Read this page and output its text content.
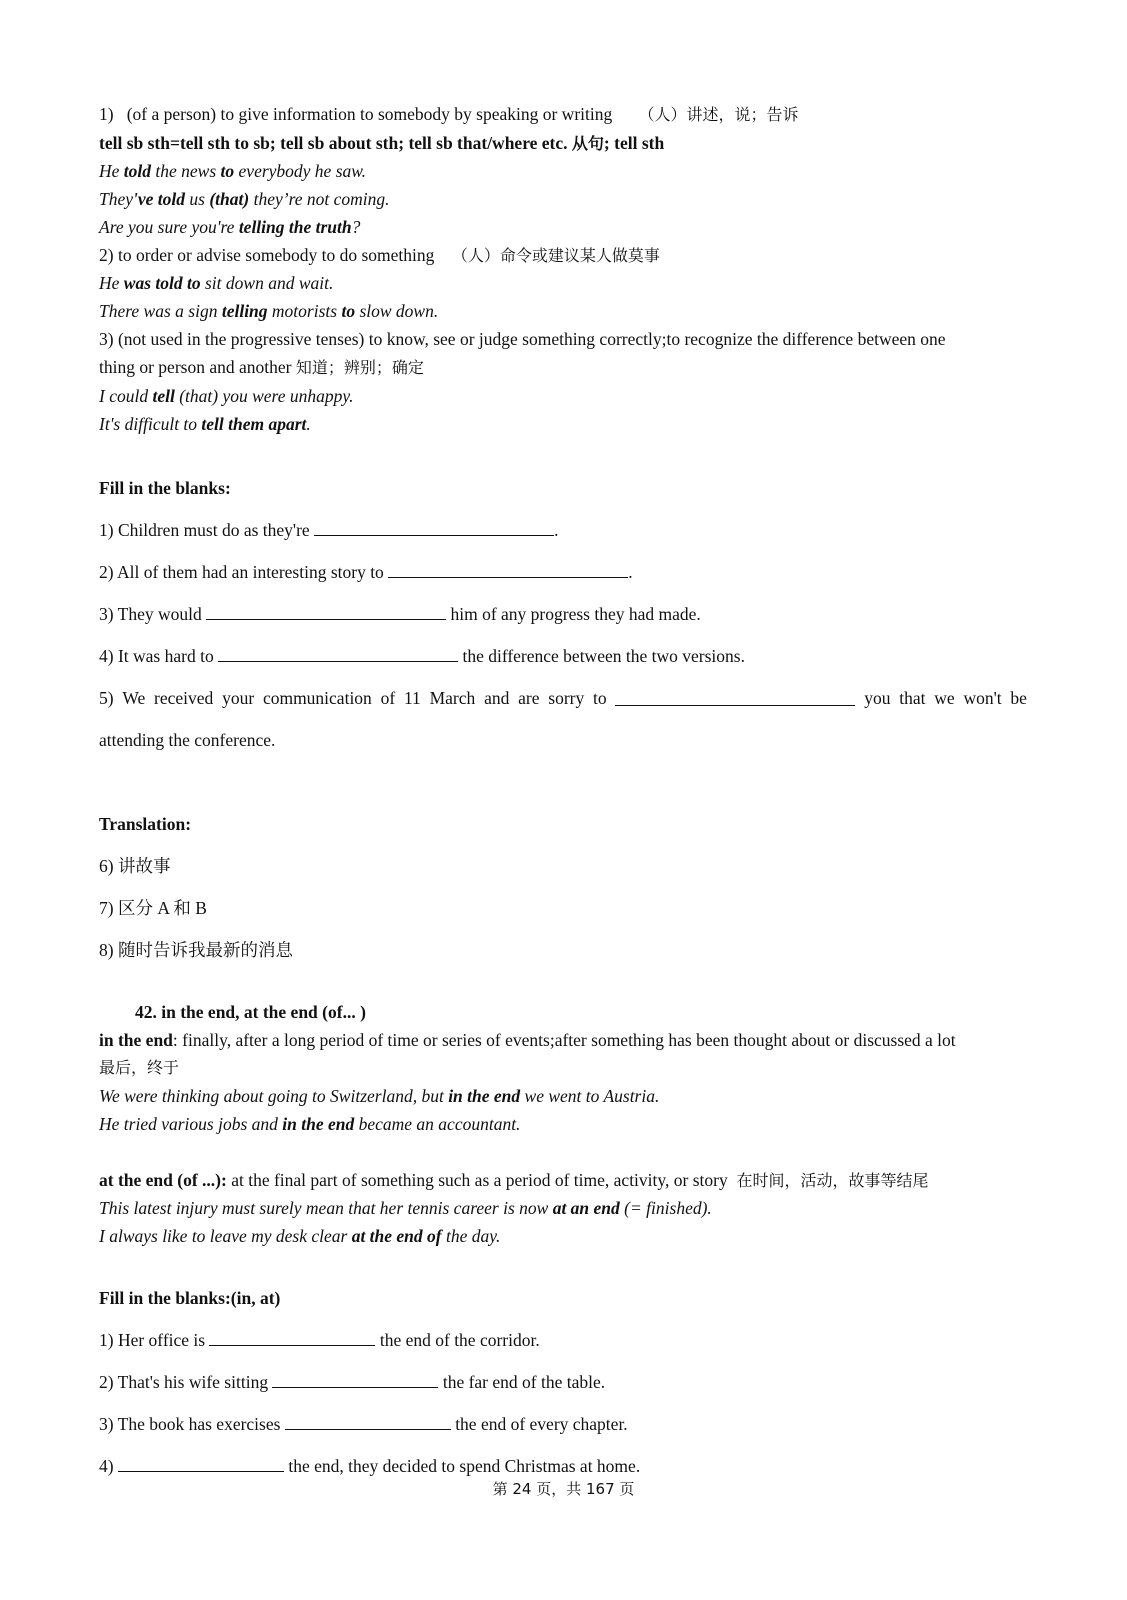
1) (of a person) to give information to somebody by speaking or writing （人）讲述，说；告诉
tell sb sth=tell sth to sb; tell sb about sth; tell sb that/where etc. 从句; tell sth
He told the news to everybody he saw.
They've told us (that) they’re not coming.
Are you sure you're telling the truth?
2) to order or advise somebody to do something （人）命令或建议某人做莫事
He was told to sit down and wait.
There was a sign telling motorists to slow down.
3) (not used in the progressive tenses) to know, see or judge something correctly;to recognize the difference between one
thing or person and another 知道；辨别；确定
I could tell (that) you were unhappy.
It's difficult to tell them apart.
Fill in the blanks:
1) Children must do as they're	.
2) All of them had an interesting story to	.
3) They would	him of any progress they had made.
4) It was hard to	the difference between the two versions.
5) We received your communication of 11 March and are sorry to	you that we won't be
attending the conference.
Translation:
6) 讲故事
7) 区分 A 和 B
8) 随时告诉我最新的消息
42. in the end, at the end (of... )
in the end: finally, after a long period of time or series of events;after something has been thought about or discussed a lot
最后，终于
We were thinking about going to Switzerland, but in the end we went to Austria.
He tried various jobs and in the end became an accountant.
at the end (of ...): at the final part of something such as a period of time, activity, or story 在时间，活动，故事等结尾
This latest injury must surely mean that her tennis career is now at an end (= finished).
I always like to leave my desk clear at the end of the day.
Fill in the blanks:(in, at)
1) Her office is	the end of the corridor.
2) That's his wife sitting	the far end of the table.
3) The book has exercises	the end of every chapter.
4)	the end, they decided to spend Christmas at home.
第 24 页，共 167 页
